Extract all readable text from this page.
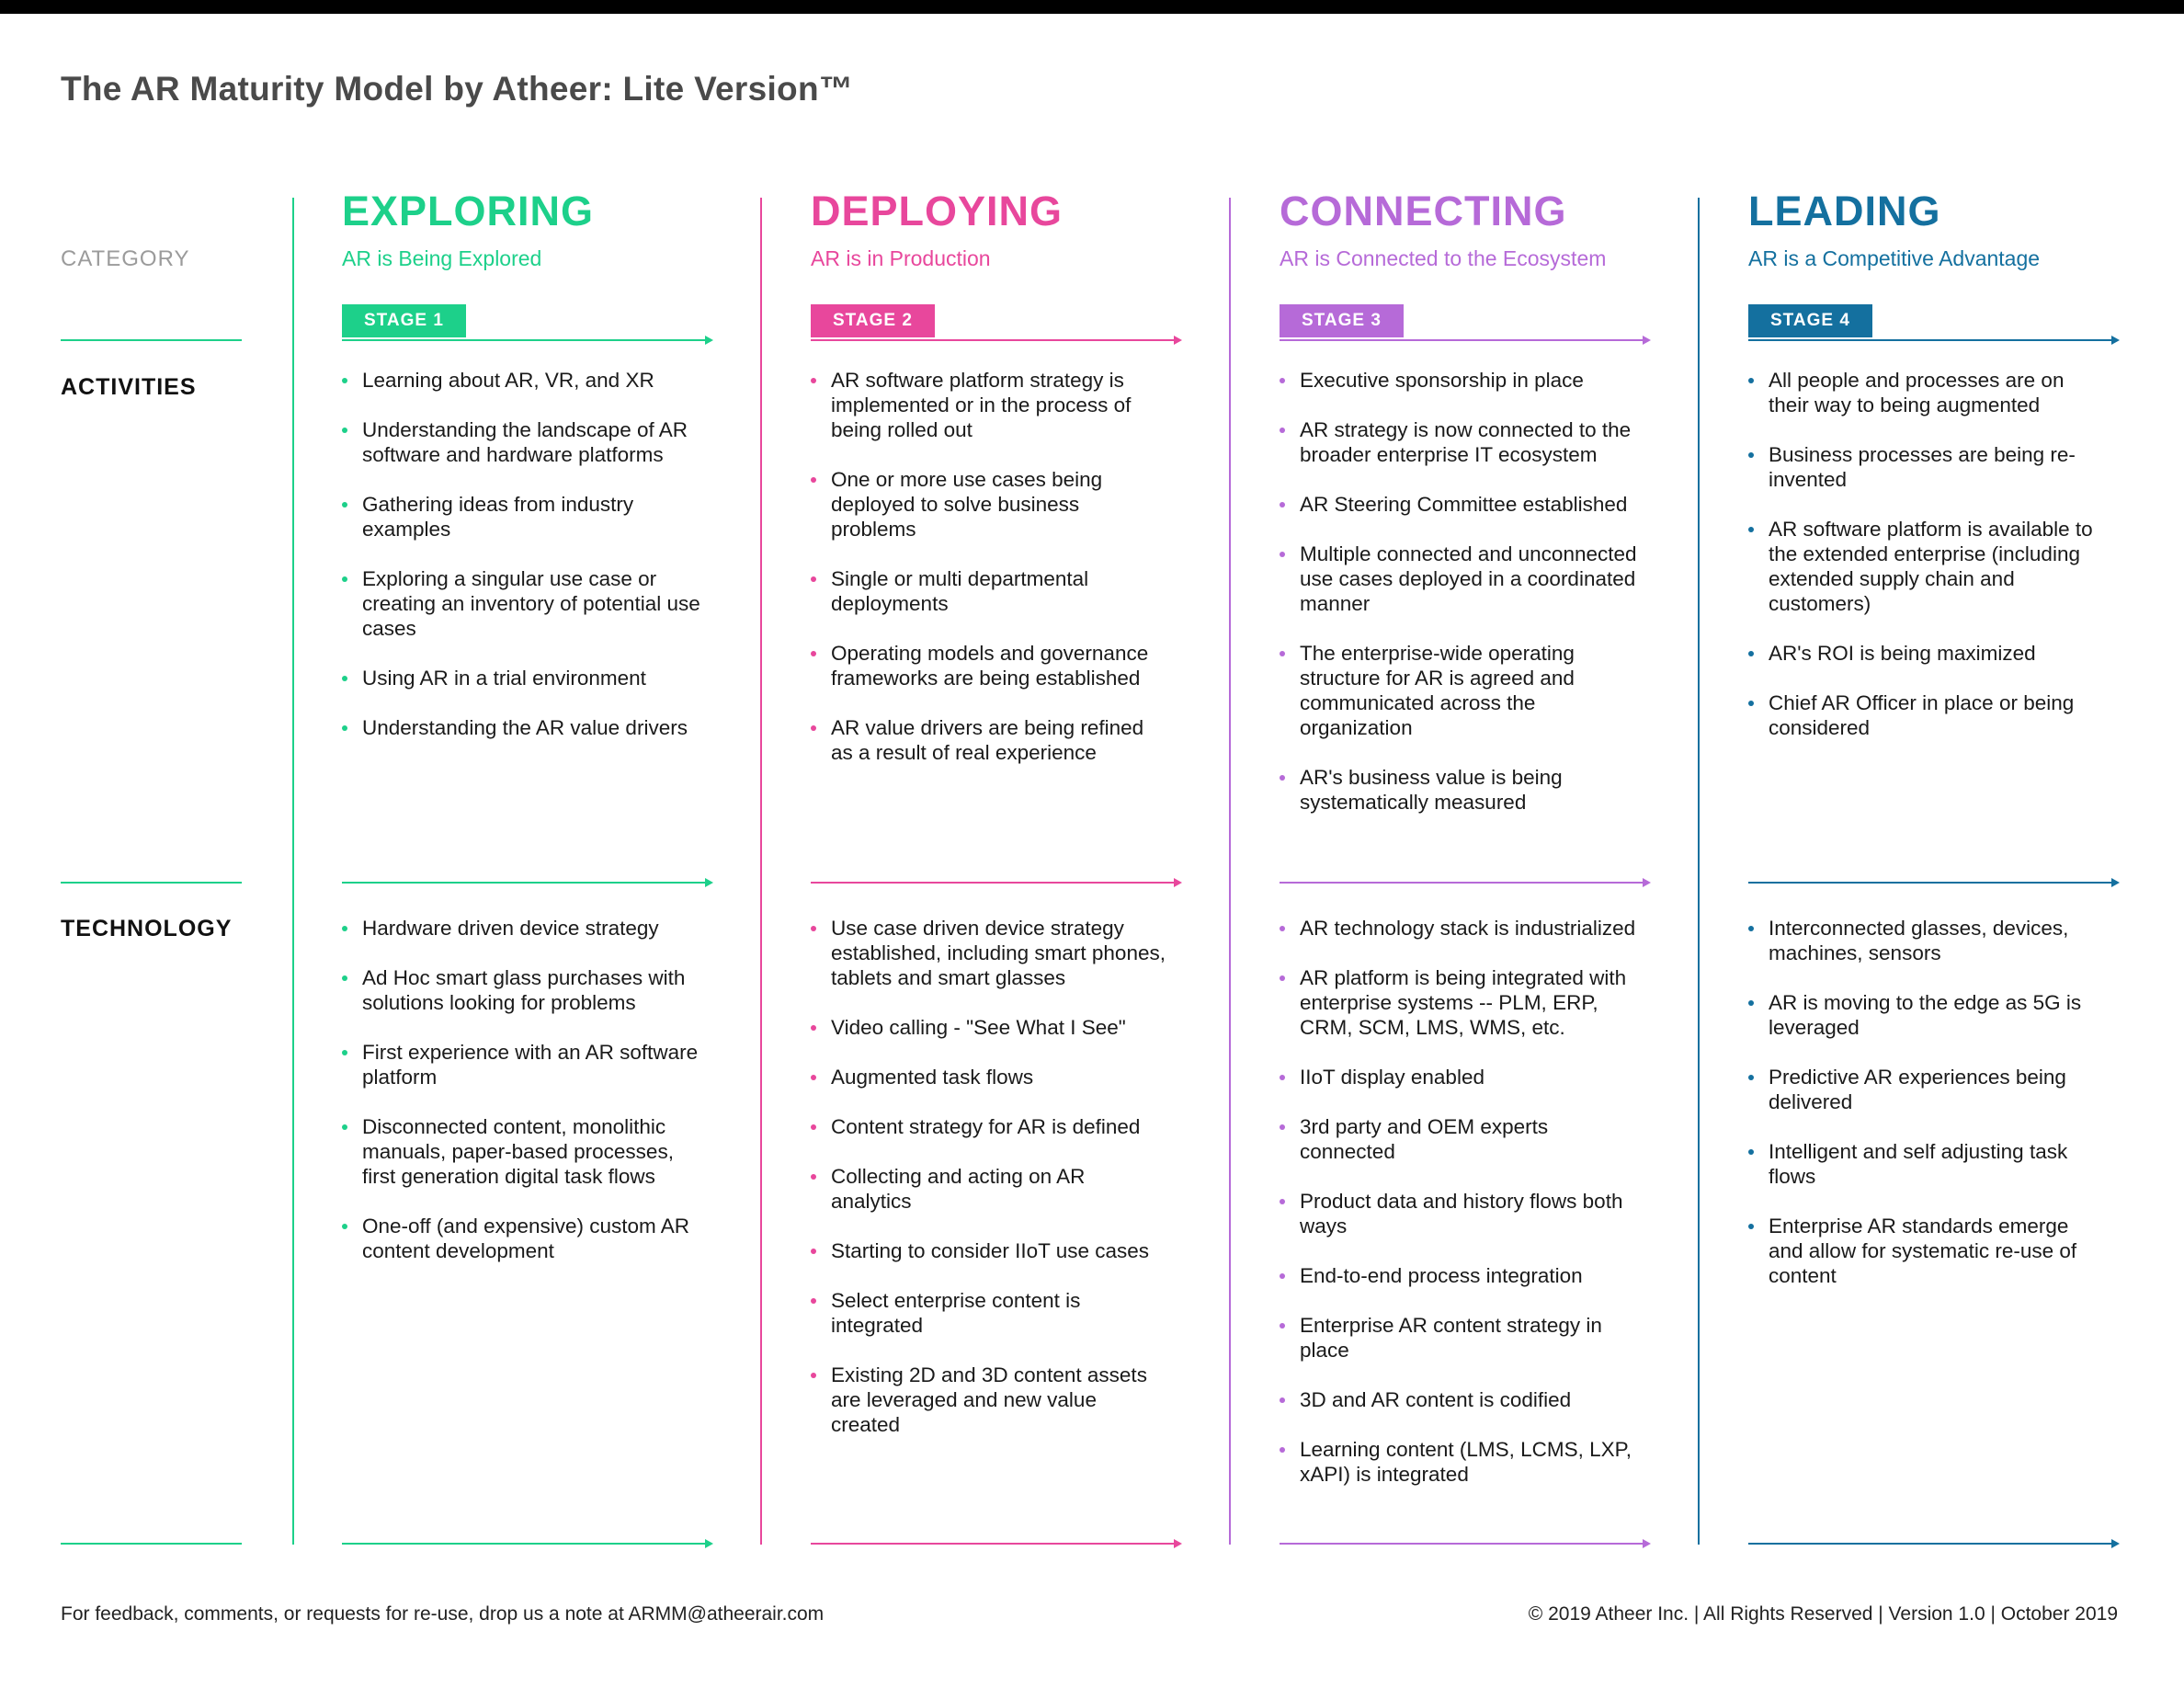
The AR Maturity Model by Atheer: Lite Version™
CATEGORY
ACTIVITIES
TECHNOLOGY
EXPLORING
AR is Being Explored
STAGE 1
Learning about AR, VR, and XR
Understanding the landscape of AR software and hardware platforms
Gathering ideas from industry examples
Exploring a singular use case or creating an inventory of potential use cases
Using AR in a trial environment
Understanding the AR value drivers
Hardware driven device strategy
Ad Hoc smart glass purchases with solutions looking for problems
First experience with an AR software platform
Disconnected content, monolithic manuals, paper-based processes, first generation digital task flows
One-off (and expensive) custom AR content development
DEPLOYING
AR is in Production
STAGE 2
AR software platform strategy is implemented or in the process of being rolled out
One or more use cases being deployed to solve business problems
Single or multi departmental deployments
Operating models and governance frameworks are being established
AR value drivers are being refined as a result of real experience
Use case driven device strategy established, including smart phones, tablets and smart glasses
Video calling - "See What I See"
Augmented task flows
Content strategy for AR is defined
Collecting and acting on AR analytics
Starting to consider IIoT use cases
Select enterprise content is integrated
Existing 2D and 3D content assets are leveraged and new value created
CONNECTING
AR is Connected to the Ecosystem
STAGE 3
Executive sponsorship in place
AR strategy is now connected to the broader enterprise IT ecosystem
AR Steering Committee established
Multiple connected and unconnected use cases deployed in a coordinated manner
The enterprise-wide operating structure for AR is agreed and communicated across the organization
AR's business value is being systematically measured
AR technology stack is industrialized
AR platform is being integrated with enterprise systems -- PLM, ERP, CRM, SCM, LMS, WMS, etc.
IIoT display enabled
3rd party and OEM experts connected
Product data and history flows both ways
End-to-end process integration
Enterprise AR content strategy in place
3D and AR content is codified
Learning content (LMS, LCMS, LXP, xAPI) is integrated
LEADING
AR is a Competitive Advantage
STAGE 4
All people and processes are on their way to being augmented
Business processes are being re-invented
AR software platform is available to the extended enterprise (including extended supply chain and customers)
AR's ROI is being maximized
Chief AR Officer in place or being considered
Interconnected glasses, devices, machines, sensors
AR is moving to the edge as 5G is leveraged
Predictive AR experiences being delivered
Intelligent and self adjusting task flows
Enterprise AR standards emerge and allow for systematic re-use of content
For feedback, comments, or requests for re-use, drop us a note at ARMM@atheerair.com	© 2019 Atheer Inc. | All Rights Reserved | Version 1.0 | October 2019
